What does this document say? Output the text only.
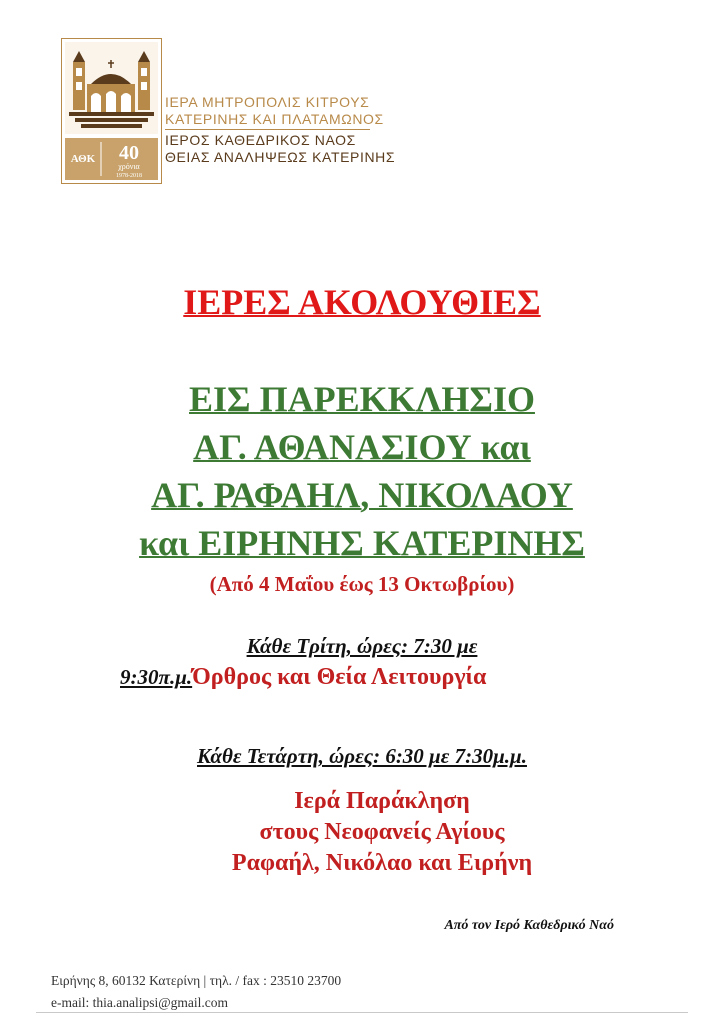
ΑΘΚ 40
χρόνια
1978-2018
ΙΕΡΑ ΜΗΤΡΟΠΟΛΙΣ ΚΙΤΡΟΥΣ
ΚΑΤΕΡΙΝΗΣ ΚΑΙ ΠΛΑΤΑΜΩΝΟΣ
ΙΕΡΟΣ ΚΑΘΕΔΡΙΚΟΣ ΝΑΟΣ
ΘΕΙΑΣ ΑΝΑΛΗΨΕΩΣ ΚΑΤΕΡΙΝΗΣ
ΙΕΡΕΣ ΑΚΟΛΟΥΘΙΕΣ
ΕΙΣ ΠΑΡΕΚΚΛΗΣΙΟ
ΑΓ. ΑΘΑΝΑΣΙΟΥ και
ΑΓ. ΡΑΦΑΗΛ, ΝΙΚΟΛΑΟΥ
και ΕΙΡΗΝΗΣ ΚΑΤΕΡΙΝΗΣ
(Από 4 Μαΐου έως 13 Οκτωβρίου)
Κάθε Τρίτη, ώρες: 7:30 με
9:30π.μ.Όρθρος και Θεία Λειτουργία
Κάθε Τετάρτη, ώρες: 6:30 με 7:30μ.μ.
Ιερά Παράκληση
στους Νεοφανείς Αγίους
Ραφαήλ, Νικόλαο και Ειρήνη
Από τον Ιερό Καθεδρικό Ναό
Ειρήνης 8, 60132 Κατερίνη | τηλ. / fax : 23510 23700
e-mail: thia.analipsi@gmail.com
